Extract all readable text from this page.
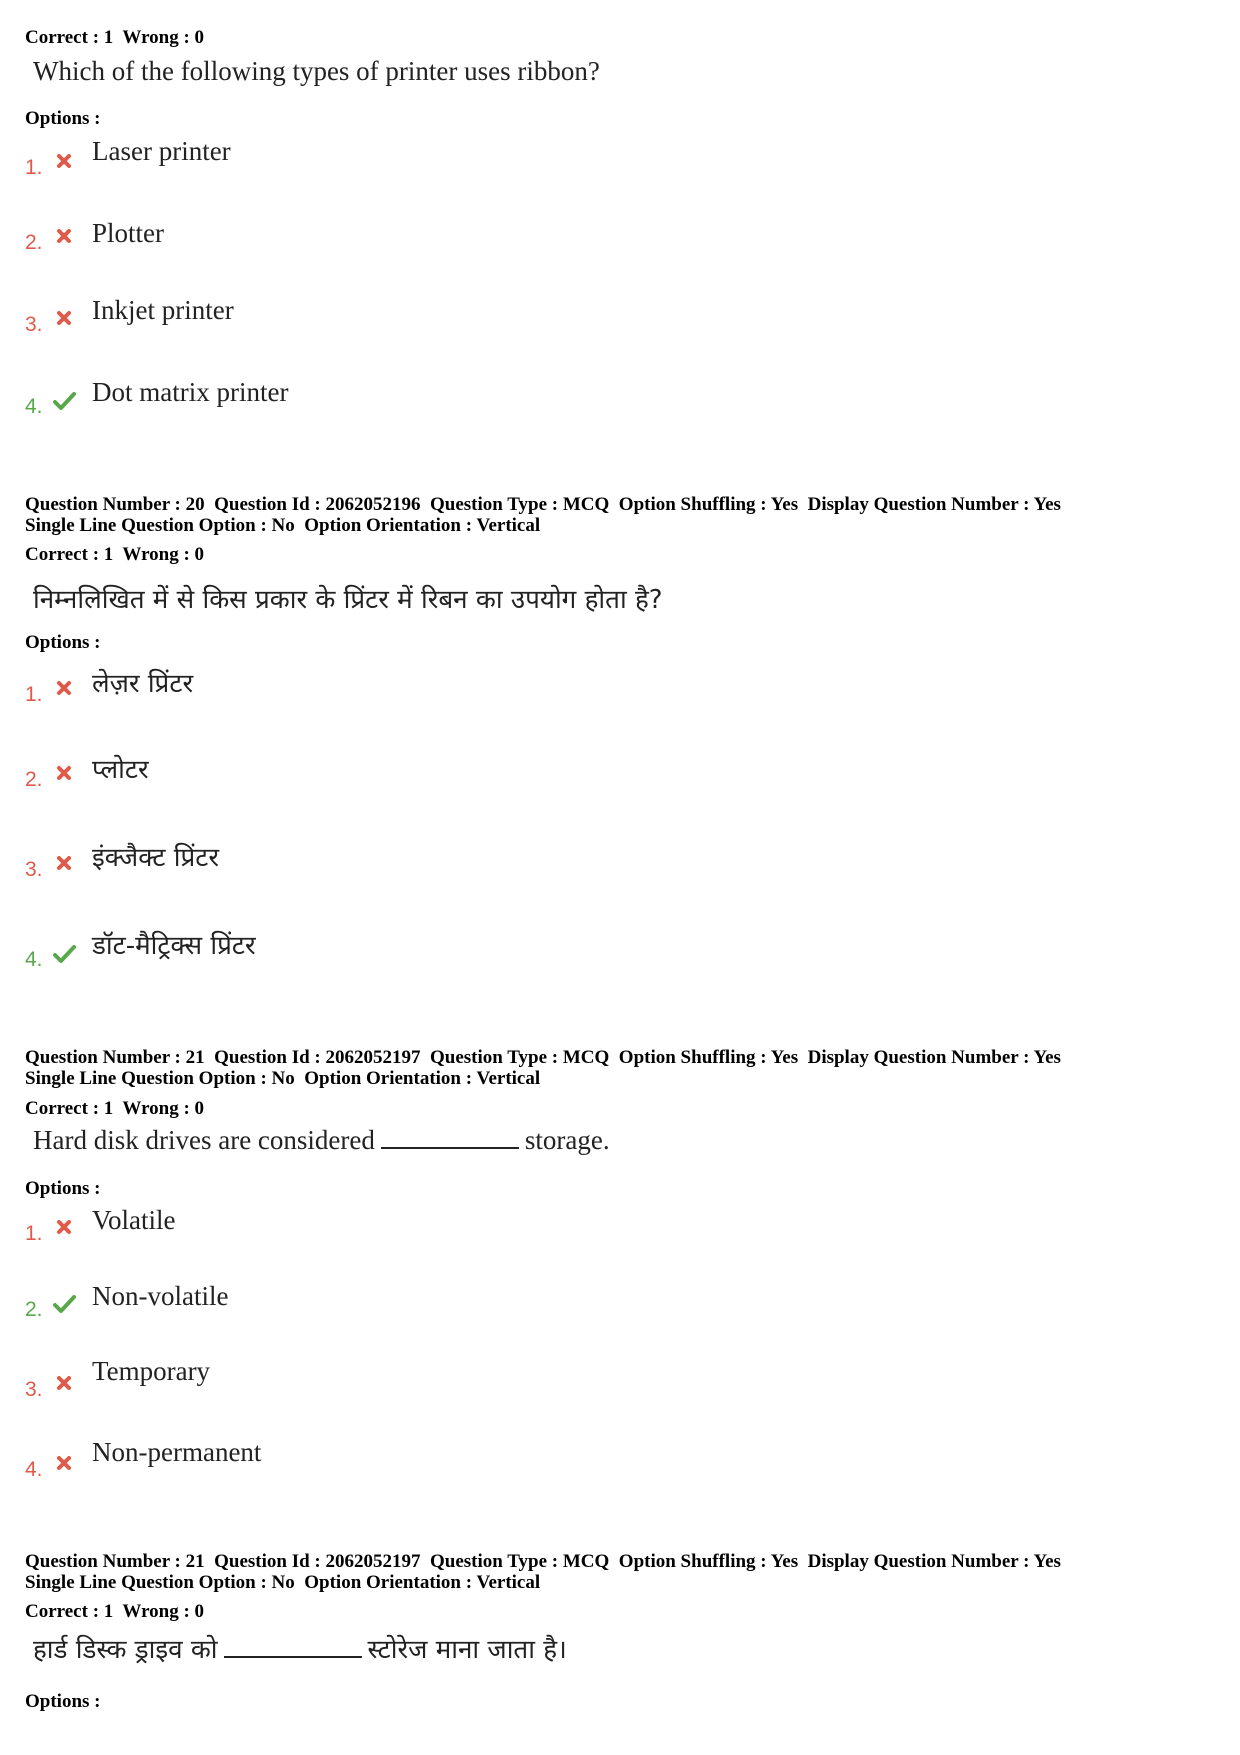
Correct : 1  Wrong : 0
Which of the following types of printer uses ribbon?
Options :
1.
Laser printer
2. Plotter
3. Inkjet printer
4. Dot matrix printer
Question Number : 20  Question Id : 2062052196  Question Type : MCQ  Option Shuffling : Yes  Display Question Number : Yes
Single Line Question Option : No  Option Orientation : Vertical
Correct : 1  Wrong : 0
निम्नलिखित में से किस प्रकार के प्रिंटर में रिबन का उपयोग होता है?
Options :
1. लेज़र प्रिंटर
2. प्लोटर
3. इंक्जैक्ट प्रिंटर
4. डॉट-मैट्रिक्स प्रिंटर
Question Number : 21  Question Id : 2062052197  Question Type : MCQ  Option Shuffling : Yes  Display Question Number : Yes
Single Line Question Option : No  Option Orientation : Vertical
Correct : 1  Wrong : 0
Hard disk drives are considered	storage.
Options :
1. Volatile
2. Non-volatile
3.
Temporary
4.
Non-permanent
Question Number : 21  Question Id : 2062052197  Question Type : MCQ  Option Shuffling : Yes  Display Question Number : Yes
Single Line Question Option : No  Option Orientation : Vertical
Correct : 1  Wrong : 0
हार्ड डिस्क ड्राइव को	स्टोरेज माना जाता है।
Options :
